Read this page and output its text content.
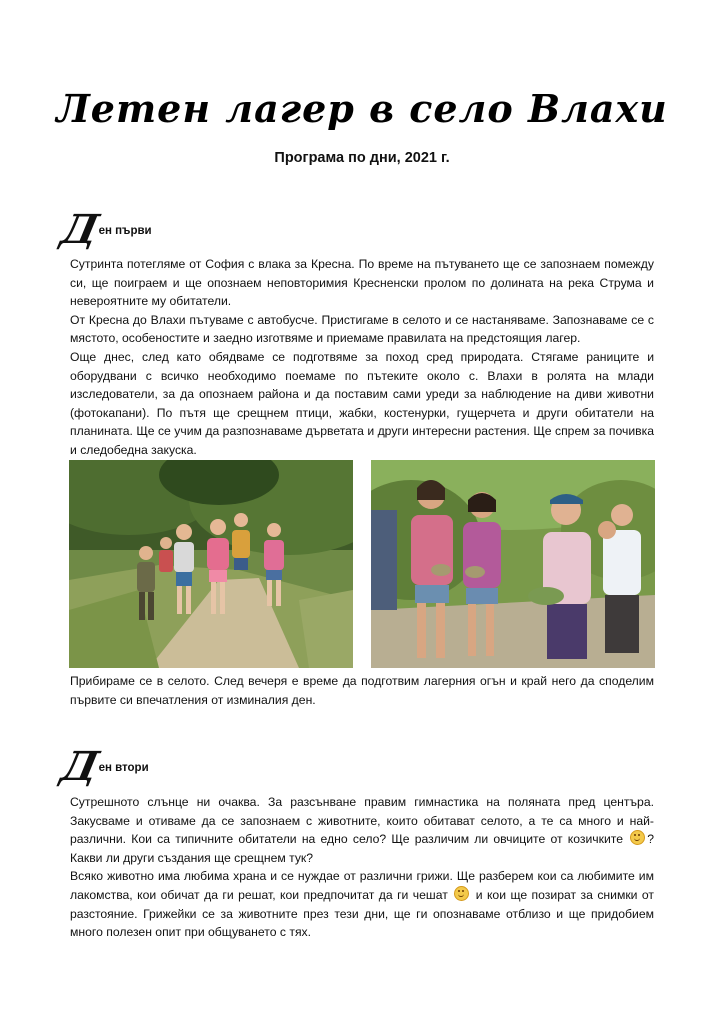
Летен лагер в село Влахи
Програма по дни, 2021 г.
Д
ен първи

Сутринта потегляме от София с влака за Кресна. По време на пътуването ще се запознаем помежду си, ще поиграем и ще опознаем неповторимия Кресненски пролом по долината на река Струма и невероятните му обитатели.

От Кресна до Влахи пътуваме с автобусче. Пристигаме в селото и се настаняваме. Запознаваме се с мястото, особеностите и заедно изготвяме и приемаме правилата на предстоящия лагер.

Още днес, след като обядваме се подготвяме за поход сред природата. Стягаме раниците и оборудвани с всичко необходимо поемаме по пътеките около с. Влахи в ролята на млади изследователи, за да опознаем района и да поставим сами уреди за наблюдение на диви животни (фотокапани). По пътя ще срещнем птици, жабки, костенурки, гущерчета и други обитатели на планината. Ще се учим да разпознаваме дърветата и други интересни растения. Ще спрем за почивка и следобедна закуска.

Прибираме се в селото. След вечеря е време да подготвим лагерния огън и край него да споделим първите си впечатления от изминалия ден.

Д
ен втори

Сутрешното слънце ни очаква. За разсънване правим гимнастика на поляната пред центъра. Закусваме и отиваме да се запознаем с животните, които обитават селото, а те са много и най-различни. Кои са типичните обитатели на едно село? Ще различим ли овчиците от козичките ? Какви ли други създания ще срещнем тук?

Всяко животно има любима храна и се нуждае от различни грижи. Ще разберем кои са любимите им лакомства, кои обичат да ги решат, кои предпочитат да ги чешат  и кои ще позират за снимки от разстояние. Грижейки се за животните през тези дни, ще ги опознаваме отблизо и ще придобием много полезен опит при общуването с тях.
